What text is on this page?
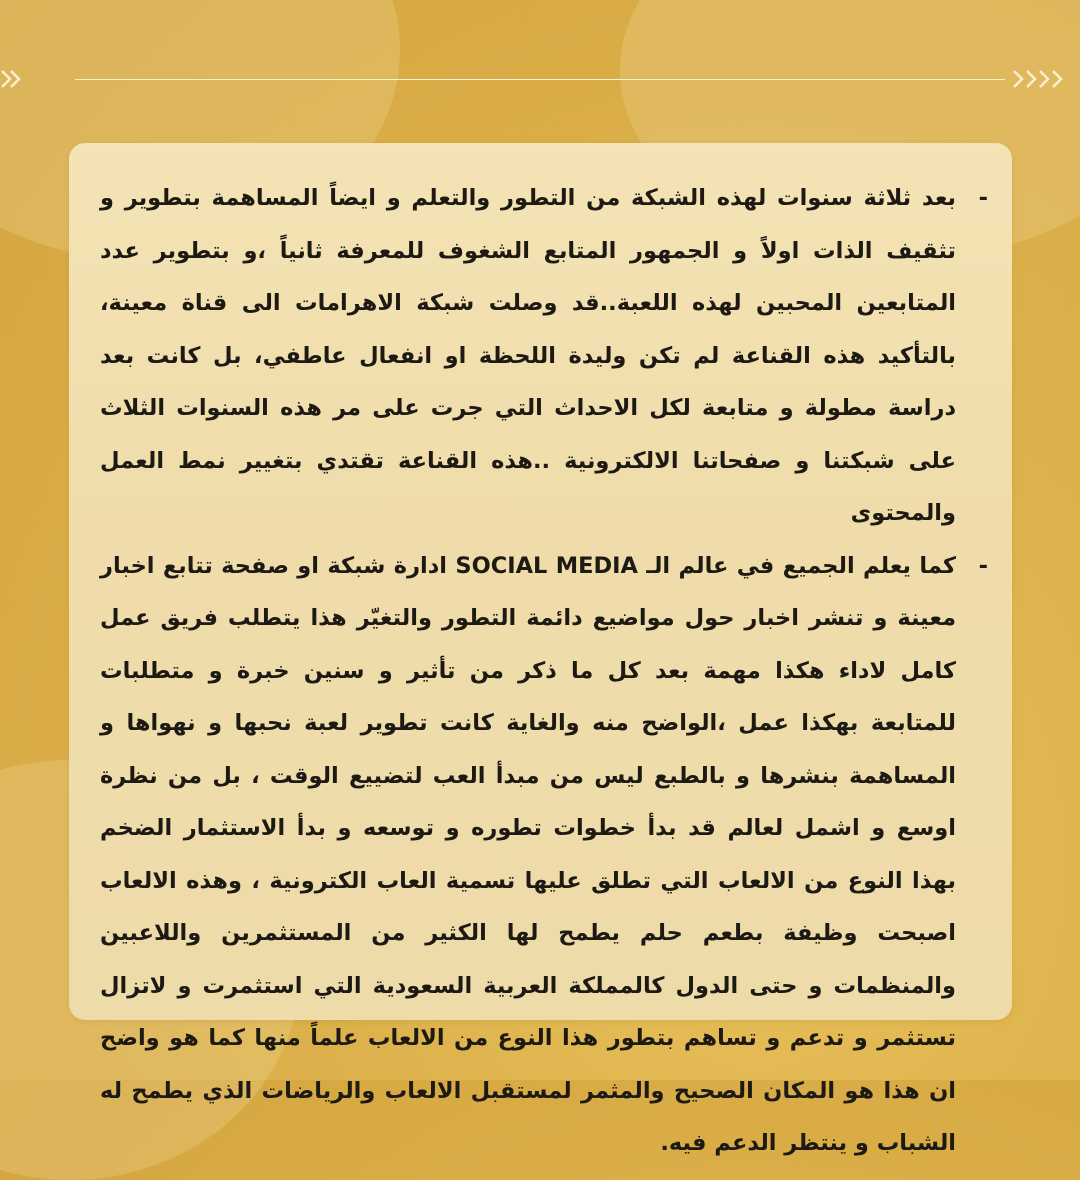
-
بعد ثلاثة سنوات لهذه الشبكة من التطور والتعلم و ايضاً المساهمة بتطوير و تثقيف الذات اولاً و الجمهور المتابع الشغوف للمعرفة ثانياً ،و بتطوير عدد المتابعين المحبين لهذه اللعبة..قد وصلت شبكة الاهرامات الى قناة معينة، بالتأكيد هذه القناعة لم تكن وليدة اللحظة او انفعال عاطفي، بل كانت بعد دراسة مطولة و متابعة لكل الاحداث التي جرت على مر هذه السنوات الثلاث على شبكتنا و صفحاتنا الالكترونية ..هذه القناعة تقتدي بتغيير نمط العمل والمحتوى

-
كما يعلم الجميع في عالم الـ SOCIAL MEDIA ادارة شبكة او صفحة تتابع اخبار معينة و تنشر اخبار حول مواضيع دائمة التطور والتغيّر هذا يتطلب فريق عمل كامل لاداء هكذا مهمة بعد كل ما ذكر من تأثير و سنين خبرة و متطلبات للمتابعة بهكذا عمل ،الواضح منه والغاية كانت تطوير لعبة نحبها و نهواها و المساهمة بنشرها و بالطبع ليس من مبدأ العب لتضييع الوقت ، بل من نظرة اوسع و اشمل لعالم قد بدأ خطوات تطوره و توسعه و بدأ الاستثمار الضخم بهذا النوع من الالعاب التي تطلق عليها تسمية العاب الكترونية ، وهذه الالعاب اصبحت وظيفة بطعم حلم يطمح لها الكثير من المستثمرين واللاعبين والمنظمات و حتى الدول كالمملكة العربية السعودية التي استثمرت و لاتزال تستثمر و تدعم و تساهم بتطور هذا النوع من الالعاب علماً منها كما هو واضح ان هذا هو المكان الصحيح والمثمر لمستقبل الالعاب والرياضات الذي يطمح له الشباب و ينتظر الدعم فيه.
